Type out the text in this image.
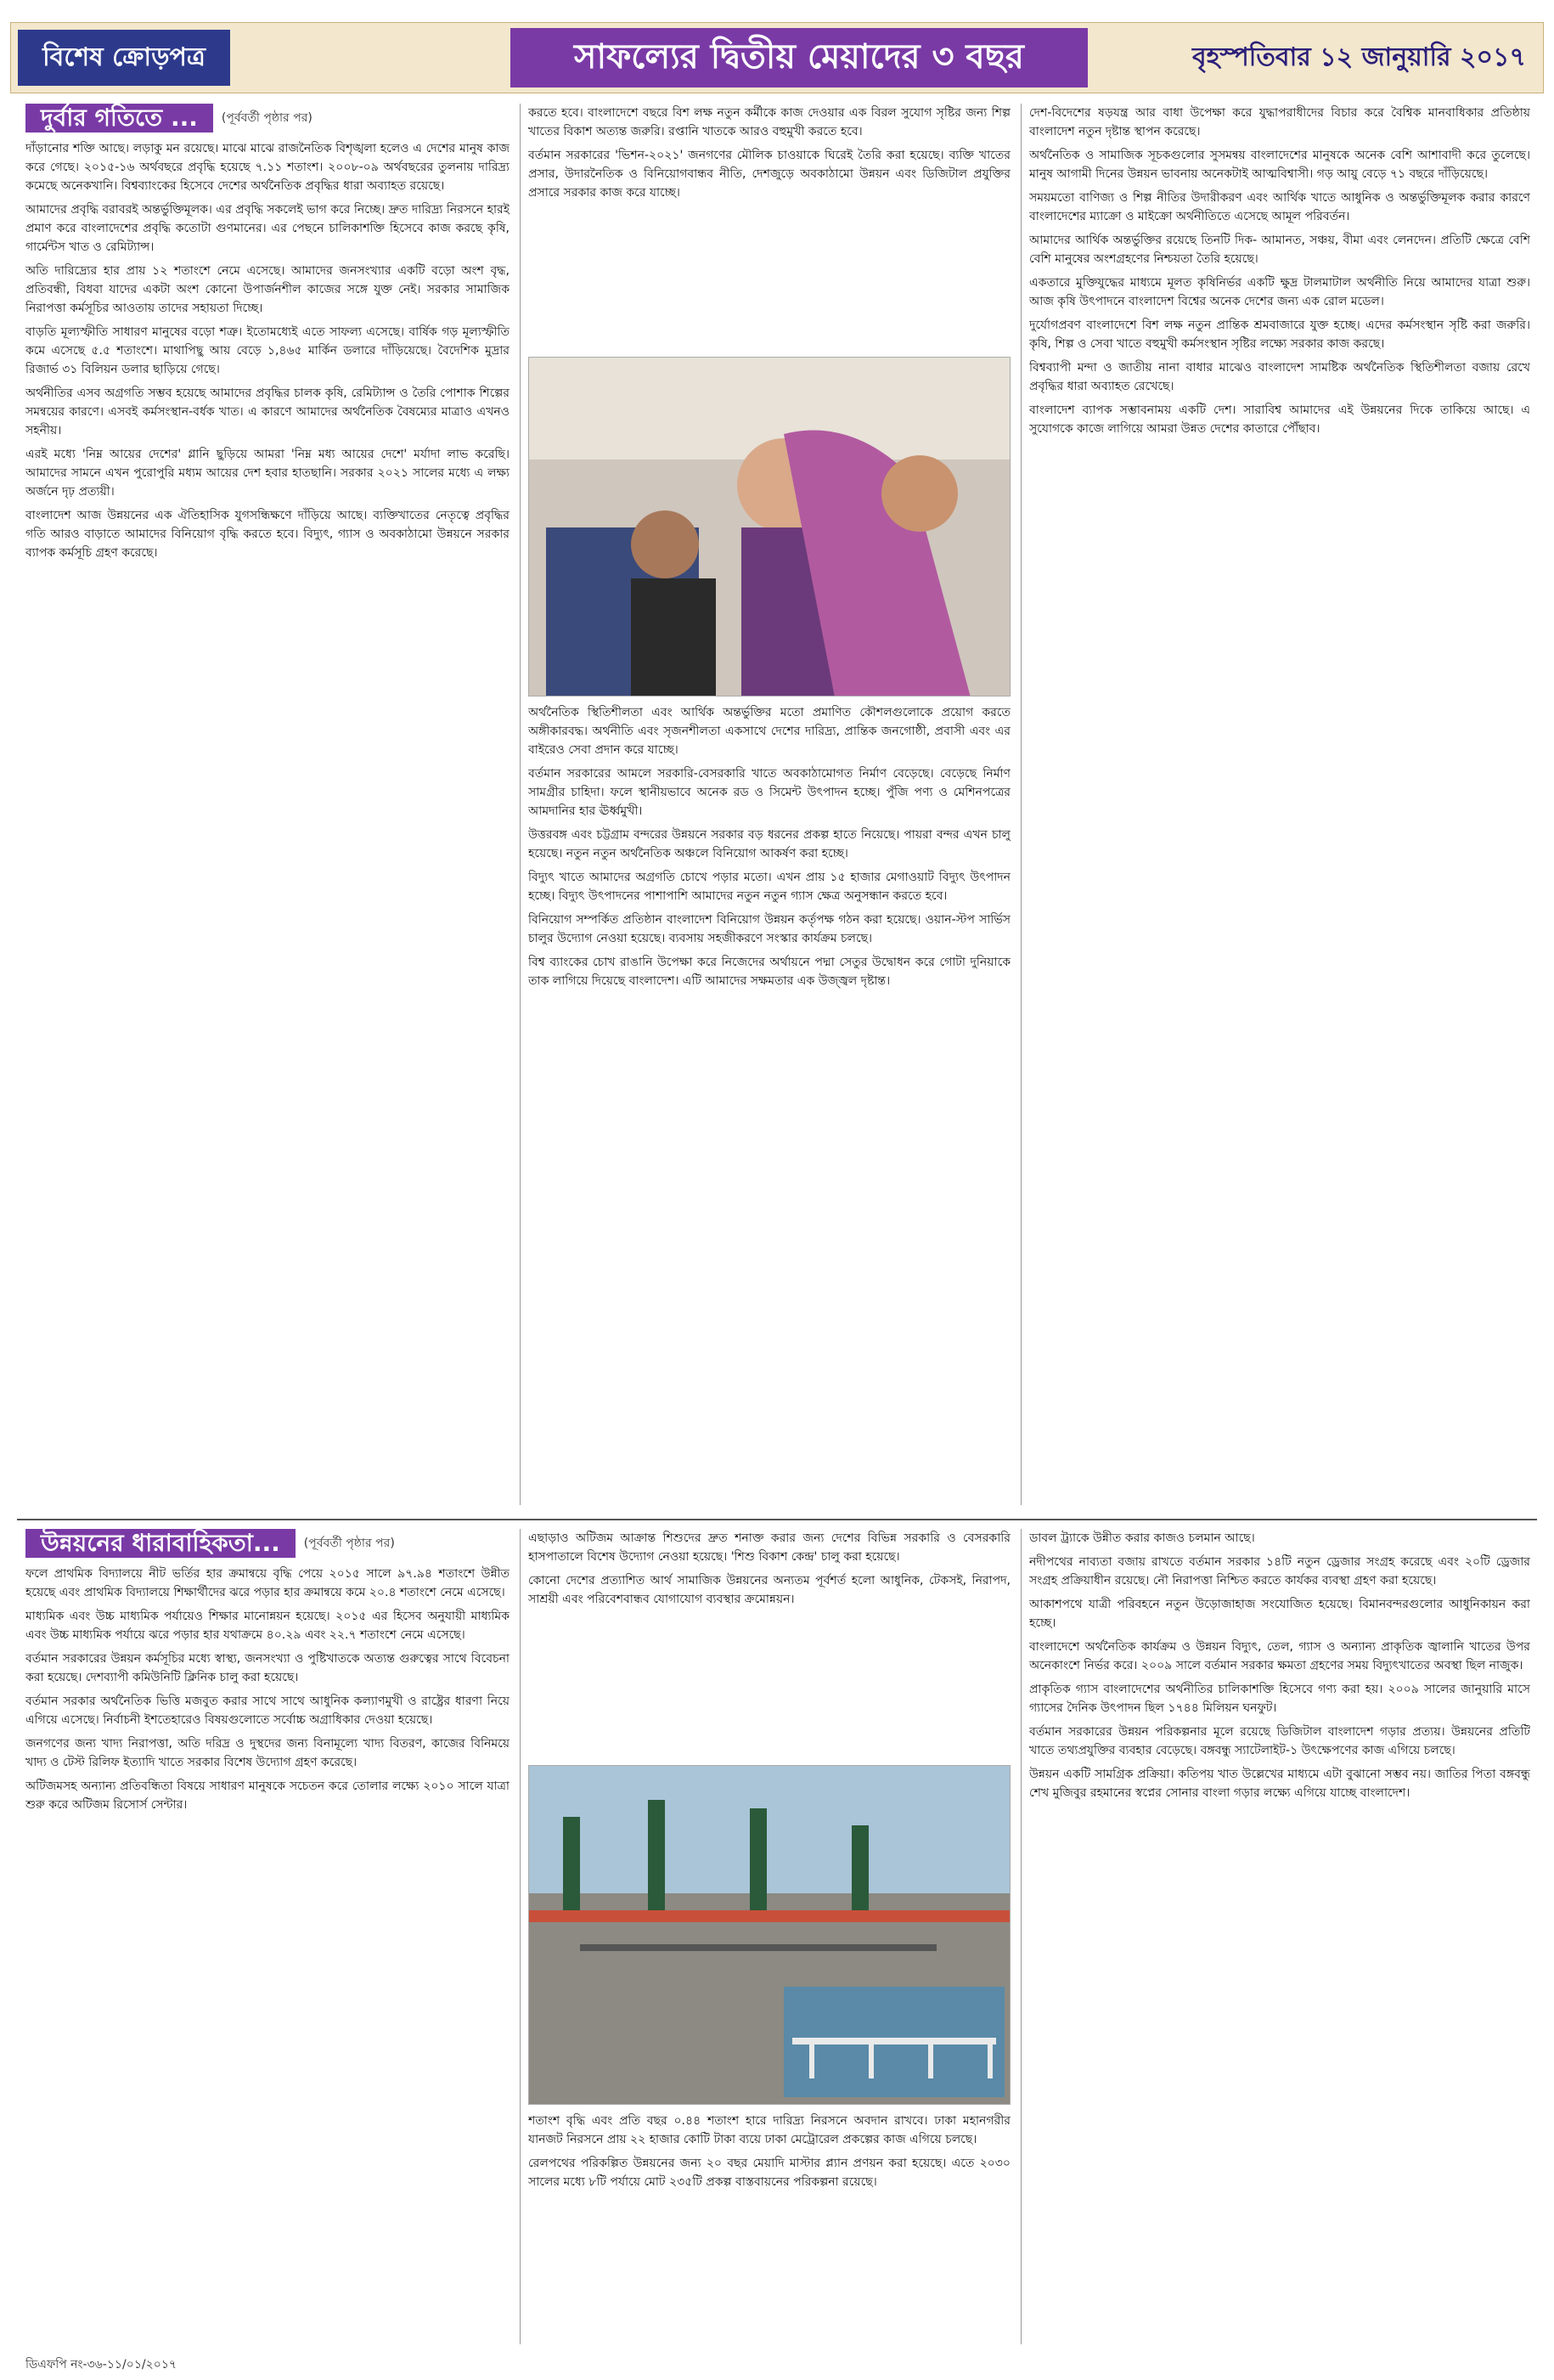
বিশেষ ক্রোড়পত্র	সাফল্যের দ্বিতীয় মেয়াদের ৩ বছর	বৃহস্পতিবার ১২ জানুয়ারি ২০১৭
দুর্বার গতিতে ...	(পূর্ববর্তী পৃষ্ঠার পর)

দাঁড়ানোর শক্তি আছে। লড়াকু মন রয়েছে। মাঝে মাঝে রাজনৈতিক বিশৃঙ্খলা হলেও এ দেশের মানুষ কাজ করে গেছে। ২০১৫-১৬ অর্থবছরে প্রবৃদ্ধি হয়েছে ৭.১১ শতাংশ। ২০০৮-০৯ অর্থবছরের তুলনায় দারিদ্র্য কমেছে অনেকখানি। বিশ্বব্যাংকের হিসেবে দেশের অর্থনৈতিক প্রবৃদ্ধির ধারা অব্যাহত রয়েছে।

আমাদের প্রবৃদ্ধি বরাবরই অন্তর্ভুক্তিমূলক। এর প্রবৃদ্ধি সকলেই ভাগ করে নিচ্ছে। দ্রুত দারিদ্র্য নিরসনে হারই প্রমাণ করে বাংলাদেশের প্রবৃদ্ধি কতোটা গুণমানের। এর পেছনে চালিকাশক্তি হিসেবে কাজ করছে কৃষি, গার্মেন্টস খাত ও রেমিট্যান্স।

অতি দারিদ্র্যের হার প্রায় ১২ শতাংশে নেমে এসেছে। আমাদের জনসংখ্যার একটি বড়ো অংশ বৃদ্ধ, প্রতিবন্ধী, বিধবা যাদের একটা অংশ কোনো উপার্জনশীল কাজের সঙ্গে যুক্ত নেই। সরকার সামাজিক নিরাপত্তা কর্মসূচির আওতায় তাদের সহায়তা দিচ্ছে।

বাড়তি মূল্যস্ফীতি সাধারণ মানুষের বড়ো শত্রু। ইতোমধ্যেই এতে সাফল্য এসেছে। বার্ষিক গড় মূল্যস্ফীতি কমে এসেছে ৫.৫ শতাংশে। মাথাপিছু আয় বেড়ে ১,৪৬৫ মার্কিন ডলারে দাঁড়িয়েছে। বৈদেশিক মুদ্রার রিজার্ভ ৩১ বিলিয়ন ডলার ছাড়িয়ে গেছে।

অর্থনীতির এসব অগ্রগতি সম্ভব হয়েছে আমাদের প্রবৃদ্ধির চালক কৃষি, রেমিট্যান্স ও তৈরি পোশাক শিল্পের সমন্বয়ের কারণে। এসবই কর্মসংস্থান-বর্ধক খাত। এ কারণে আমাদের অর্থনৈতিক বৈষম্যের মাত্রাও এখনও সহনীয়।

এরই মধ্যে 'নিম্ন আয়ের দেশের' গ্লানি ছুড়িয়ে আমরা 'নিম্ন মধ্য আয়ের দেশে' মর্যাদা লাভ করেছি। আমাদের সামনে এখন পুরোপুরি মধ্যম আয়ের দেশ হবার হাতছানি। সরকার ২০২১ সালের মধ্যে এ লক্ষ্য অর্জনে দৃঢ় প্রত্যয়ী।

বাংলাদেশ আজ উন্নয়নের এক ঐতিহাসিক যুগসন্ধিক্ষণে দাঁড়িয়ে আছে। ব্যক্তিখাতের নেতৃত্বে প্রবৃদ্ধির গতি আরও বাড়াতে আমাদের বিনিয়োগ বৃদ্ধি করতে হবে। বিদ্যুৎ, গ্যাস ও অবকাঠামো উন্নয়নে সরকার ব্যাপক কর্মসূচি গ্রহণ করেছে।

করতে হবে। বাংলাদেশে বছরে বিশ লক্ষ নতুন কর্মীকে কাজ দেওয়ার এক বিরল সুযোগ সৃষ্টির জন্য শিল্প খাতের বিকাশ অত্যন্ত জরুরি। রপ্তানি খাতকে আরও বহুমুখী করতে হবে।

বর্তমান সরকারের 'ভিশন-২০২১' জনগণের মৌলিক চাওয়াকে ঘিরেই তৈরি করা হয়েছে। ব্যক্তি খাতের প্রসার, উদারনৈতিক ও বিনিয়োগবান্ধব নীতি, দেশজুড়ে অবকাঠামো উন্নয়ন এবং ডিজিটাল প্রযুক্তির প্রসারে সরকার কাজ করে যাচ্ছে।

অর্থনৈতিক স্থিতিশীলতা এবং আর্থিক অন্তর্ভুক্তির মতো প্রমাণিত কৌশলগুলোকে প্রয়োগ করতে অঙ্গীকারবদ্ধ। অর্থনীতি এবং সৃজনশীলতা একসাথে দেশের দারিদ্র্য, প্রান্তিক জনগোষ্ঠী, প্রবাসী এবং এর বাইরেও সেবা প্রদান করে যাচ্ছে।

বর্তমান সরকারের আমলে সরকারি-বেসরকারি খাতে অবকাঠামোগত নির্মাণ বেড়েছে। বেড়েছে নির্মাণ সামগ্রীর চাহিদা। ফলে স্থানীয়ভাবে অনেক রড ও সিমেন্ট উৎপাদন হচ্ছে। পুঁজি পণ্য ও মেশিনপত্রের আমদানির হার ঊর্ধ্বমুখী।

উত্তরবঙ্গ এবং চট্টগ্রাম বন্দরের উন্নয়নে সরকার বড় ধরনের প্রকল্প হাতে নিয়েছে। পায়রা বন্দর এখন চালু হয়েছে। নতুন নতুন অর্থনৈতিক অঞ্চলে বিনিয়োগ আকর্ষণ করা হচ্ছে।

বিদ্যুৎ খাতে আমাদের অগ্রগতি চোখে পড়ার মতো। এখন প্রায় ১৫ হাজার মেগাওয়াট বিদ্যুৎ উৎপাদন হচ্ছে। বিদ্যুৎ উৎপাদনের পাশাপাশি আমাদের নতুন নতুন গ্যাস ক্ষেত্র অনুসন্ধান করতে হবে।

বিনিয়োগ সম্পর্কিত প্রতিষ্ঠান বাংলাদেশ বিনিয়োগ উন্নয়ন কর্তৃপক্ষ গঠন করা হয়েছে। ওয়ান-স্টপ সার্ভিস চালুর উদ্যোগ নেওয়া হয়েছে। ব্যবসায় সহজীকরণে সংস্কার কার্যক্রম চলছে।

বিশ্ব ব্যাংকের চোখ রাঙানি উপেক্ষা করে নিজেদের অর্থায়নে পদ্মা সেতুর উদ্বোধন করে গোটা দুনিয়াকে তাক লাগিয়ে দিয়েছে বাংলাদেশ। এটি আমাদের সক্ষমতার এক উজ্জ্বল দৃষ্টান্ত।

দেশ-বিদেশের ষড়যন্ত্র আর বাধা উপেক্ষা করে যুদ্ধাপরাধীদের বিচার করে বৈশ্বিক মানবাধিকার প্রতিষ্ঠায় বাংলাদেশ নতুন দৃষ্টান্ত স্থাপন করেছে।

অর্থনৈতিক ও সামাজিক সূচকগুলোর সুসমন্বয় বাংলাদেশের মানুষকে অনেক বেশি আশাবাদী করে তুলেছে। মানুষ আগামী দিনের উন্নয়ন ভাবনায় অনেকটাই আত্মবিশ্বাসী। গড় আয়ু বেড়ে ৭১ বছরে দাঁড়িয়েছে।

সময়মতো বাণিজ্য ও শিল্প নীতির উদারীকরণ এবং আর্থিক খাতে আধুনিক ও অন্তর্ভুক্তিমূলক করার কারণে বাংলাদেশের ম্যাক্রো ও মাইক্রো অর্থনীতিতে এসেছে আমূল পরিবর্তন।

আমাদের আর্থিক অন্তর্ভুক্তির রয়েছে তিনটি দিক- আমানত, সঞ্চয়, বীমা এবং লেনদেন। প্রতিটি ক্ষেত্রে বেশি বেশি মানুষের অংশগ্রহণের নিশ্চয়তা তৈরি হয়েছে।

একতারে মুক্তিযুদ্ধের মাধ্যমে মূলত কৃষিনির্ভর একটি ক্ষুদ্র টালমাটাল অর্থনীতি নিয়ে আমাদের যাত্রা শুরু। আজ কৃষি উৎপাদনে বাংলাদেশ বিশ্বের অনেক দেশের জন্য এক রোল মডেল।

দুর্যোগপ্রবণ বাংলাদেশে বিশ লক্ষ নতুন প্রান্তিক শ্রমবাজারে যুক্ত হচ্ছে। এদের কর্মসংস্থান সৃষ্টি করা জরুরি। কৃষি, শিল্প ও সেবা খাতে বহুমুখী কর্মসংস্থান সৃষ্টির লক্ষ্যে সরকার কাজ করছে।

বিশ্বব্যাপী মন্দা ও জাতীয় নানা বাধার মাঝেও বাংলাদেশ সামষ্টিক অর্থনৈতিক স্থিতিশীলতা বজায় রেখে প্রবৃদ্ধির ধারা অব্যাহত রেখেছে।

বাংলাদেশ ব্যাপক সম্ভাবনাময় একটি দেশ। সারাবিশ্ব আমাদের এই উন্নয়নের দিকে তাকিয়ে আছে। এ সুযোগকে কাজে লাগিয়ে আমরা উন্নত দেশের কাতারে পৌঁছাব।

উন্নয়নের ধারাবাহিকতা...	(পূর্ববর্তী পৃষ্ঠার পর)

ফলে প্রাথমিক বিদ্যালয়ে নীট ভর্তির হার ক্রমান্বয়ে বৃদ্ধি পেয়ে ২০১৫ সালে ৯৭.৯৪ শতাংশে উন্নীত হয়েছে এবং প্রাথমিক বিদ্যালয়ে শিক্ষার্থীদের ঝরে পড়ার হার ক্রমান্বয়ে কমে ২০.৪ শতাংশে নেমে এসেছে।

মাধ্যমিক এবং উচ্চ মাধ্যমিক পর্যায়েও শিক্ষার মানোন্নয়ন হয়েছে। ২০১৫ এর হিসেব অনুযায়ী মাধ্যমিক এবং উচ্চ মাধ্যমিক পর্যায়ে ঝরে পড়ার হার যথাক্রমে ৪০.২৯ এবং ২২.৭ শতাংশে নেমে এসেছে।

বর্তমান সরকারের উন্নয়ন কর্মসূচির মধ্যে স্বাস্থ্য, জনসংখ্যা ও পুষ্টিখাতকে অত্যন্ত গুরুত্বের সাথে বিবেচনা করা হয়েছে। দেশব্যাপী কমিউনিটি ক্লিনিক চালু করা হয়েছে।

বর্তমান সরকার অর্থনৈতিক ভিত্তি মজবুত করার সাথে সাথে আধুনিক কল্যাণমুখী ও রাষ্ট্রের ধারণা নিয়ে এগিয়ে এসেছে। নির্বাচনী ইশতেহারেও বিষয়গুলোতে সর্বোচ্চ অগ্রাধিকার দেওয়া হয়েছে।

জনগণের জন্য খাদ্য নিরাপত্তা, অতি দরিদ্র ও দুস্থদের জন্য বিনামূল্যে খাদ্য বিতরণ, কাজের বিনিময়ে খাদ্য ও টেস্ট রিলিফ ইত্যাদি খাতে সরকার বিশেষ উদ্যোগ গ্রহণ করেছে।

অটিজমসহ অন্যান্য প্রতিবন্ধিতা বিষয়ে সাধারণ মানুষকে সচেতন করে তোলার লক্ষ্যে ২০১০ সালে যাত্রা শুরু করে অটিজম রিসোর্স সেন্টার।

এছাড়াও অটিজম আক্রান্ত শিশুদের দ্রুত শনাক্ত করার জন্য দেশের বিভিন্ন সরকারি ও বেসরকারি হাসপাতালে বিশেষ উদ্যোগ নেওয়া হয়েছে। 'শিশু বিকাশ কেন্দ্র' চালু করা হয়েছে।

কোনো দেশের প্রত্যাশিত আর্থ সামাজিক উন্নয়নের অন্যতম পূর্বশর্ত হলো আধুনিক, টেকসই, নিরাপদ, সাশ্রয়ী এবং পরিবেশবান্ধব যোগাযোগ ব্যবস্থার ক্রমোন্নয়ন।

শতাংশ বৃদ্ধি এবং প্রতি বছর ০.৪৪ শতাংশ হারে দারিদ্র্য নিরসনে অবদান রাখবে। ঢাকা মহানগরীর যানজট নিরসনে প্রায় ২২ হাজার কোটি টাকা ব্যয়ে ঢাকা মেট্রোরেল প্রকল্পের কাজ এগিয়ে চলছে।

রেলপথের পরিকল্পিত উন্নয়নের জন্য ২০ বছর মেয়াদি মাস্টার প্ল্যান প্রণয়ন করা হয়েছে। এতে ২০৩০ সালের মধ্যে ৮টি পর্যায়ে মোট ২৩৫টি প্রকল্প বাস্তবায়নের পরিকল্পনা রয়েছে।

ডাবল ট্র্যাকে উন্নীত করার কাজও চলমান আছে।

নদীপথের নাব্যতা বজায় রাখতে বর্তমান সরকার ১৪টি নতুন ড্রেজার সংগ্রহ করেছে এবং ২০টি ড্রেজার সংগ্রহ প্রক্রিয়াধীন রয়েছে। নৌ নিরাপত্তা নিশ্চিত করতে কার্যকর ব্যবস্থা গ্রহণ করা হয়েছে।

আকাশপথে যাত্রী পরিবহনে নতুন উড়োজাহাজ সংযোজিত হয়েছে। বিমানবন্দরগুলোর আধুনিকায়ন করা হচ্ছে।

বাংলাদেশে অর্থনৈতিক কার্যক্রম ও উন্নয়ন বিদ্যুৎ, তেল, গ্যাস ও অন্যান্য প্রাকৃতিক জ্বালানি খাতের উপর অনেকাংশে নির্ভর করে। ২০০৯ সালে বর্তমান সরকার ক্ষমতা গ্রহণের সময় বিদ্যুৎখাতের অবস্থা ছিল নাজুক।

প্রাকৃতিক গ্যাস বাংলাদেশের অর্থনীতির চালিকাশক্তি হিসেবে গণ্য করা হয়। ২০০৯ সালের জানুয়ারি মাসে গ্যাসের দৈনিক উৎপাদন ছিল ১৭৪৪ মিলিয়ন ঘনফুট।

বর্তমান সরকারের উন্নয়ন পরিকল্পনার মূলে রয়েছে ডিজিটাল বাংলাদেশ গড়ার প্রত্যয়। উন্নয়নের প্রতিটি খাতে তথ্যপ্রযুক্তির ব্যবহার বেড়েছে। বঙ্গবন্ধু স্যাটেলাইট-১ উৎক্ষেপণের কাজ এগিয়ে চলছে।

উন্নয়ন একটি সামগ্রিক প্রক্রিয়া। কতিপয় খাত উল্লেখের মাধ্যমে এটা বুঝানো সম্ভব নয়। জাতির পিতা বঙ্গবন্ধু শেখ মুজিবুর রহমানের স্বপ্নের সোনার বাংলা গড়ার লক্ষ্যে এগিয়ে যাচ্ছে বাংলাদেশ।

ডিএফপি নং-৩৬-১১/০১/২০১৭
